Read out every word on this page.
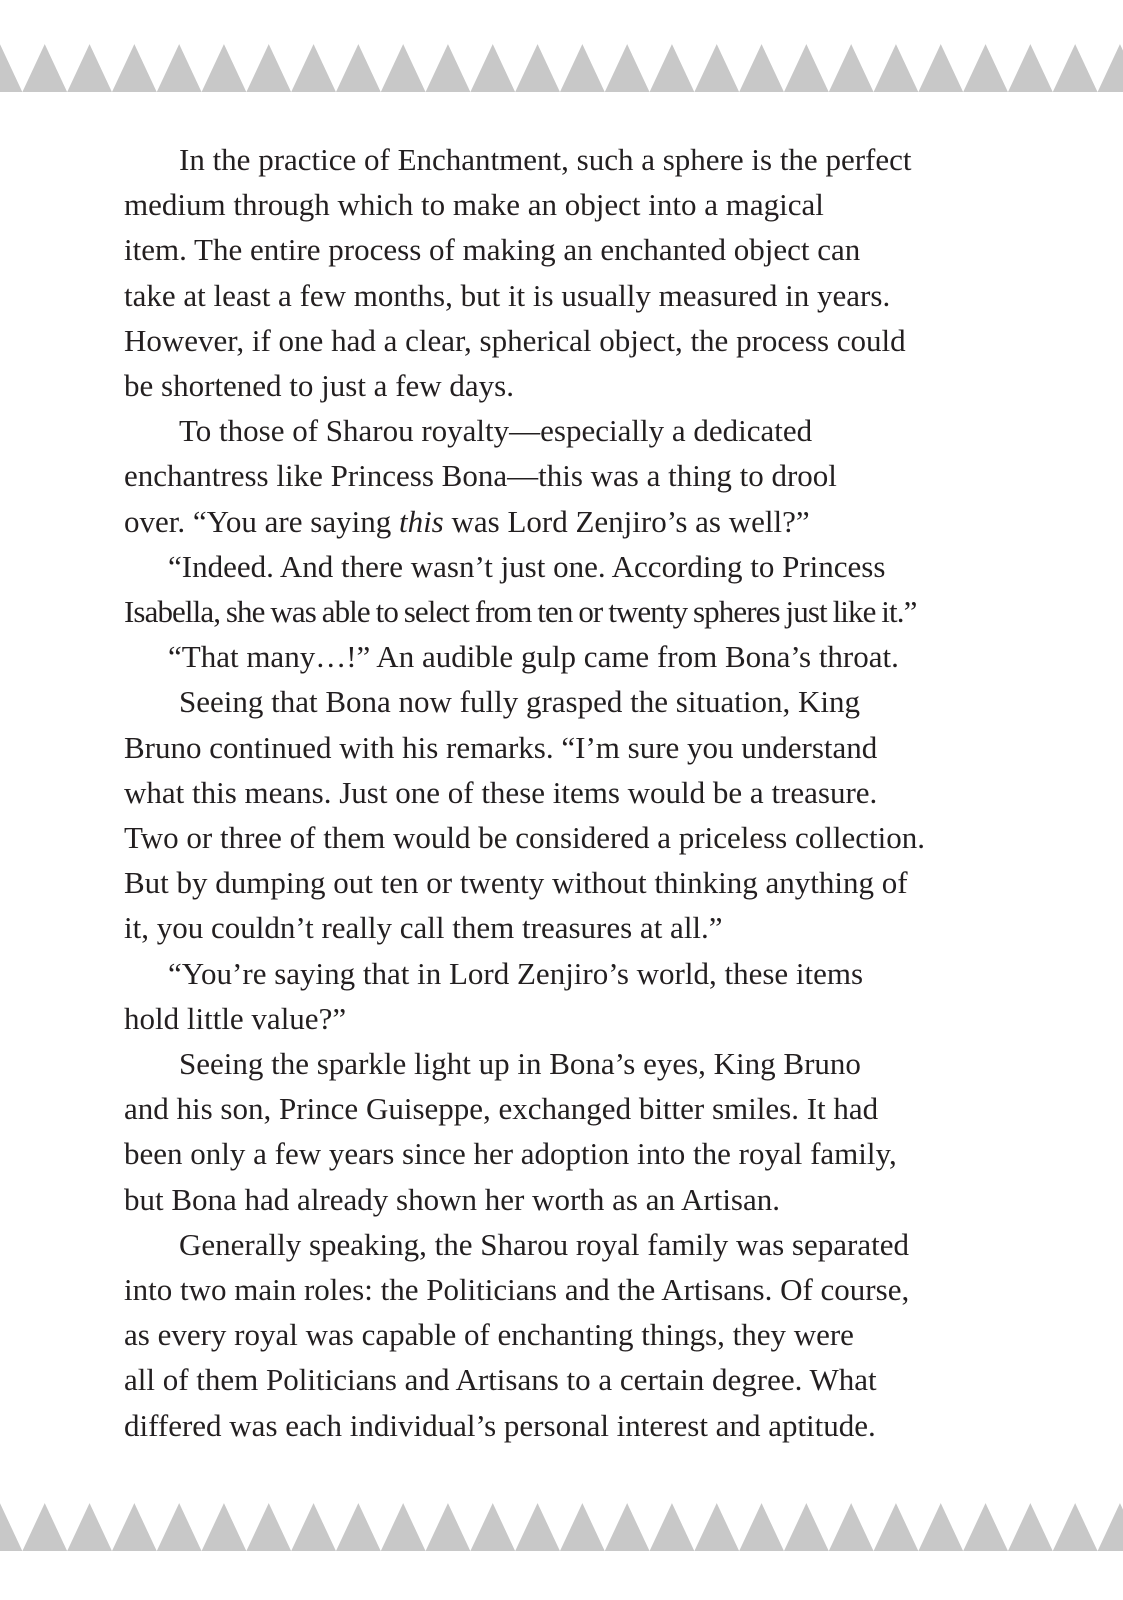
In the practice of Enchantment, such a sphere is the perfect
medium through which to make an object into a magical
item. The entire process of making an enchanted object can
take at least a few months, but it is usually measured in years.
However, if one had a clear, spherical object, the process could
be shortened to just a few days.
To those of Sharou royalty—especially a dedicated
enchantress like Princess Bona—this was a thing to drool
over. “You are saying this was Lord Zenjiro’s as well?”
“Indeed. And there wasn’t just one. According to Princess
Isabella, she was able to select from ten or twenty spheres just like it.”
“That many…!” An audible gulp came from Bona’s throat.
Seeing that Bona now fully grasped the situation, King
Bruno continued with his remarks. “I’m sure you understand
what this means. Just one of these items would be a treasure.
Two or three of them would be considered a priceless collection.
But by dumping out ten or twenty without thinking anything of
it, you couldn’t really call them treasures at all.”
“You’re saying that in Lord Zenjiro’s world, these items
hold little value?”
Seeing the sparkle light up in Bona’s eyes, King Bruno
and his son, Prince Guiseppe, exchanged bitter smiles. It had
been only a few years since her adoption into the royal family,
but Bona had already shown her worth as an Artisan.
Generally speaking, the Sharou royal family was separated
into two main roles: the Politicians and the Artisans. Of course,
as every royal was capable of enchanting things, they were
all of them Politicians and Artisans to a certain degree. What
differed was each individual’s personal interest and aptitude.
